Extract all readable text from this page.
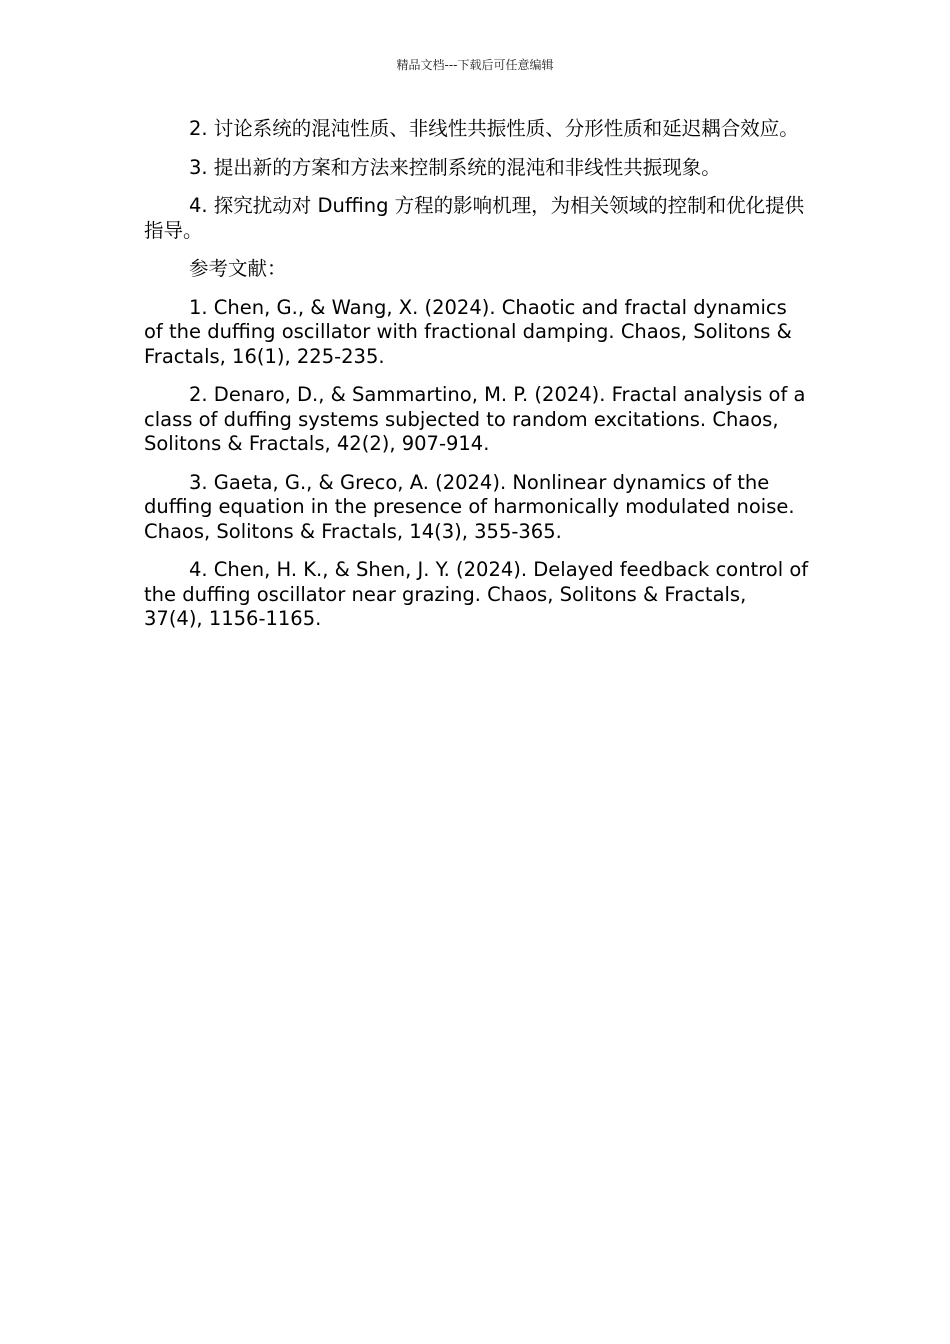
精品文档---下载后可任意编辑

2. 讨论系统的混沌性质、非线性共振性质、分形性质和延迟耦合效应。

3. 提出新的方案和方法来控制系统的混沌和非线性共振现象。

4. 探究扰动对 Duffing 方程的影响机理，为相关领域的控制和优化提供指导。

参考文献：

1. Chen, G., & Wang, X. (2024). Chaotic and fractal dynamics of the duffing oscillator with fractional damping. Chaos, Solitons & Fractals, 16(1), 225-235.

2. Denaro, D., & Sammartino, M. P. (2024). Fractal analysis of a class of duffing systems subjected to random excitations. Chaos, Solitons & Fractals, 42(2), 907-914.

3. Gaeta, G., & Greco, A. (2024). Nonlinear dynamics of the duffing equation in the presence of harmonically modulated noise. Chaos, Solitons & Fractals, 14(3), 355-365.

4. Chen, H. K., & Shen, J. Y. (2024). Delayed feedback control of the duffing oscillator near grazing. Chaos, Solitons & Fractals, 37(4), 1156-1165.
